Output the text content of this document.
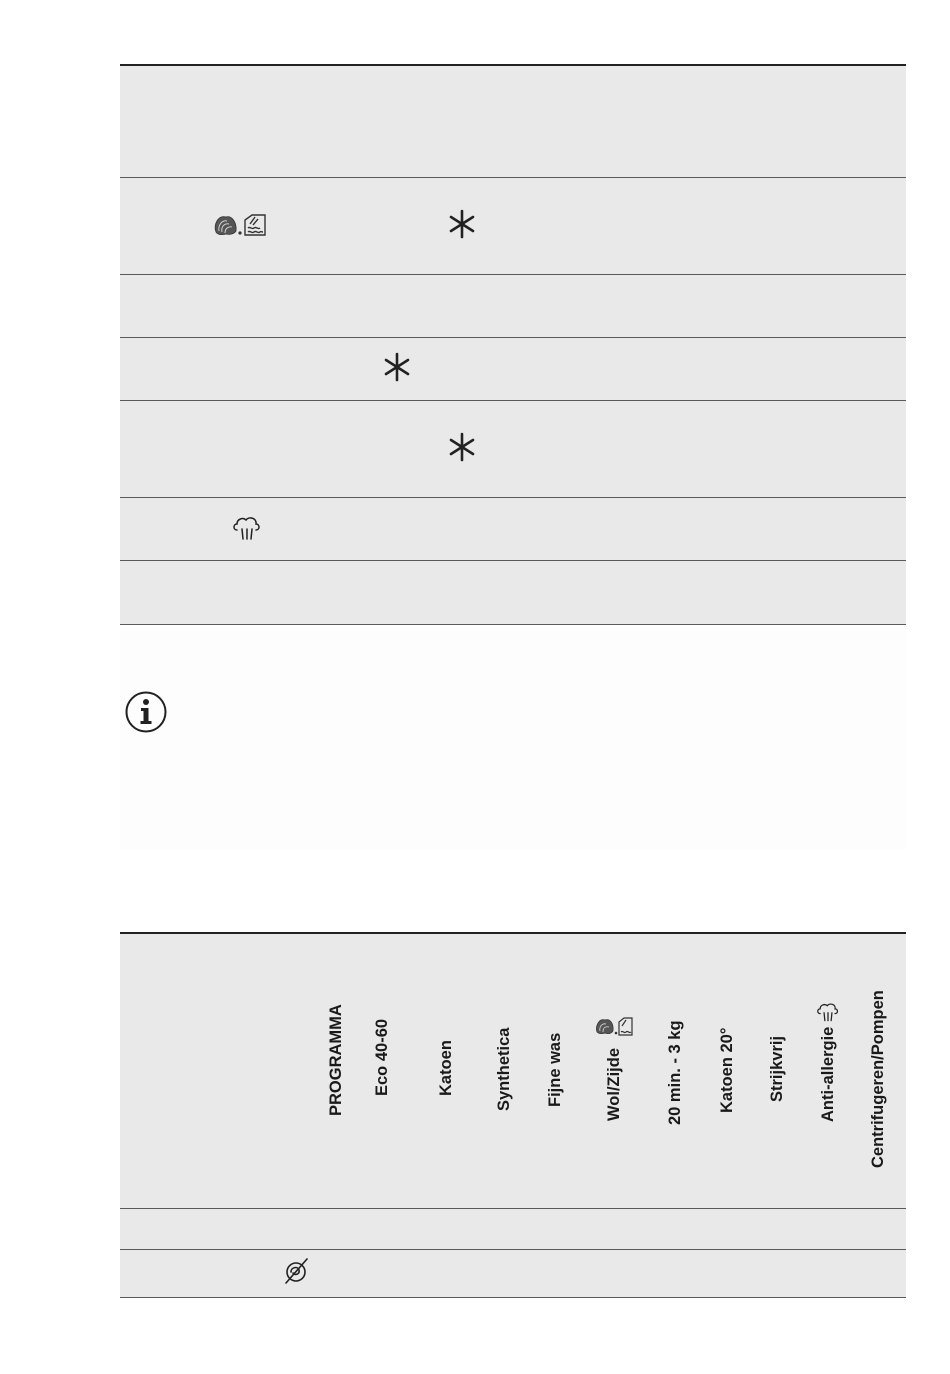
PROGRAMMA Eco 40-60	Katoen Synthetica Fijne was Wol/Zijde	20 min. - 3 kg Katoen 20° Strijkvrij Anti-allergie Centrifugeren/Pompen
